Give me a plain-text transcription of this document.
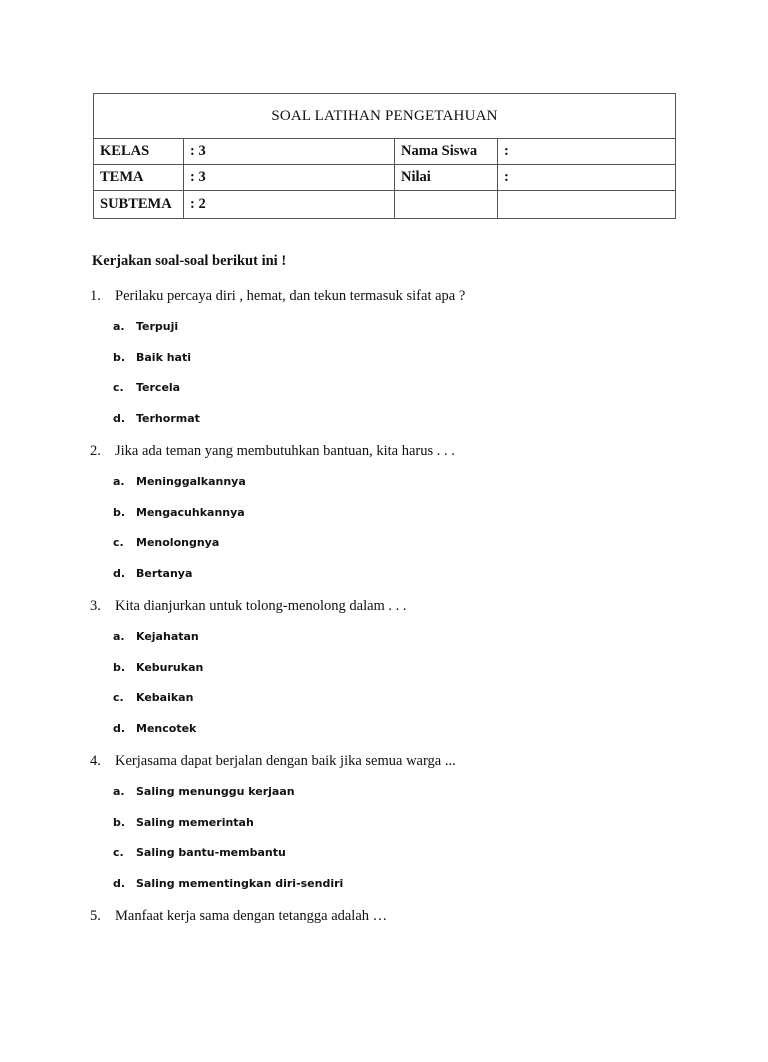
SOAL LATIHAN PENGETAHUAN			
KELAS	: 3	Nama Siswa	:
TEMA	: 3	Nilai	:
SUBTEMA	: 2		
Kerjakan soal-soal berikut ini !
1. Perilaku percaya diri , hemat, dan tekun termasuk sifat apa ?
a.	Terpuji
b. Baik hati
c.	Tercela
d. Terhormat
2. Jika ada teman yang membutuhkan bantuan, kita harus . . .
a.	Meninggalkannya
b. Mengacuhkannya
c.	Menolongnya
d. Bertanya
3. Kita dianjurkan untuk tolong-menolong dalam . . .
a.	Kejahatan
b. Keburukan
c.	Kebaikan
d. Mencotek
4. Kerjasama dapat berjalan dengan baik jika semua warga ...
a.	Saling menunggu kerjaan
b. Saling memerintah
c.	Saling bantu-membantu
d. Saling mementingkan diri-sendiri
5. Manfaat kerja sama dengan tetangga adalah …
